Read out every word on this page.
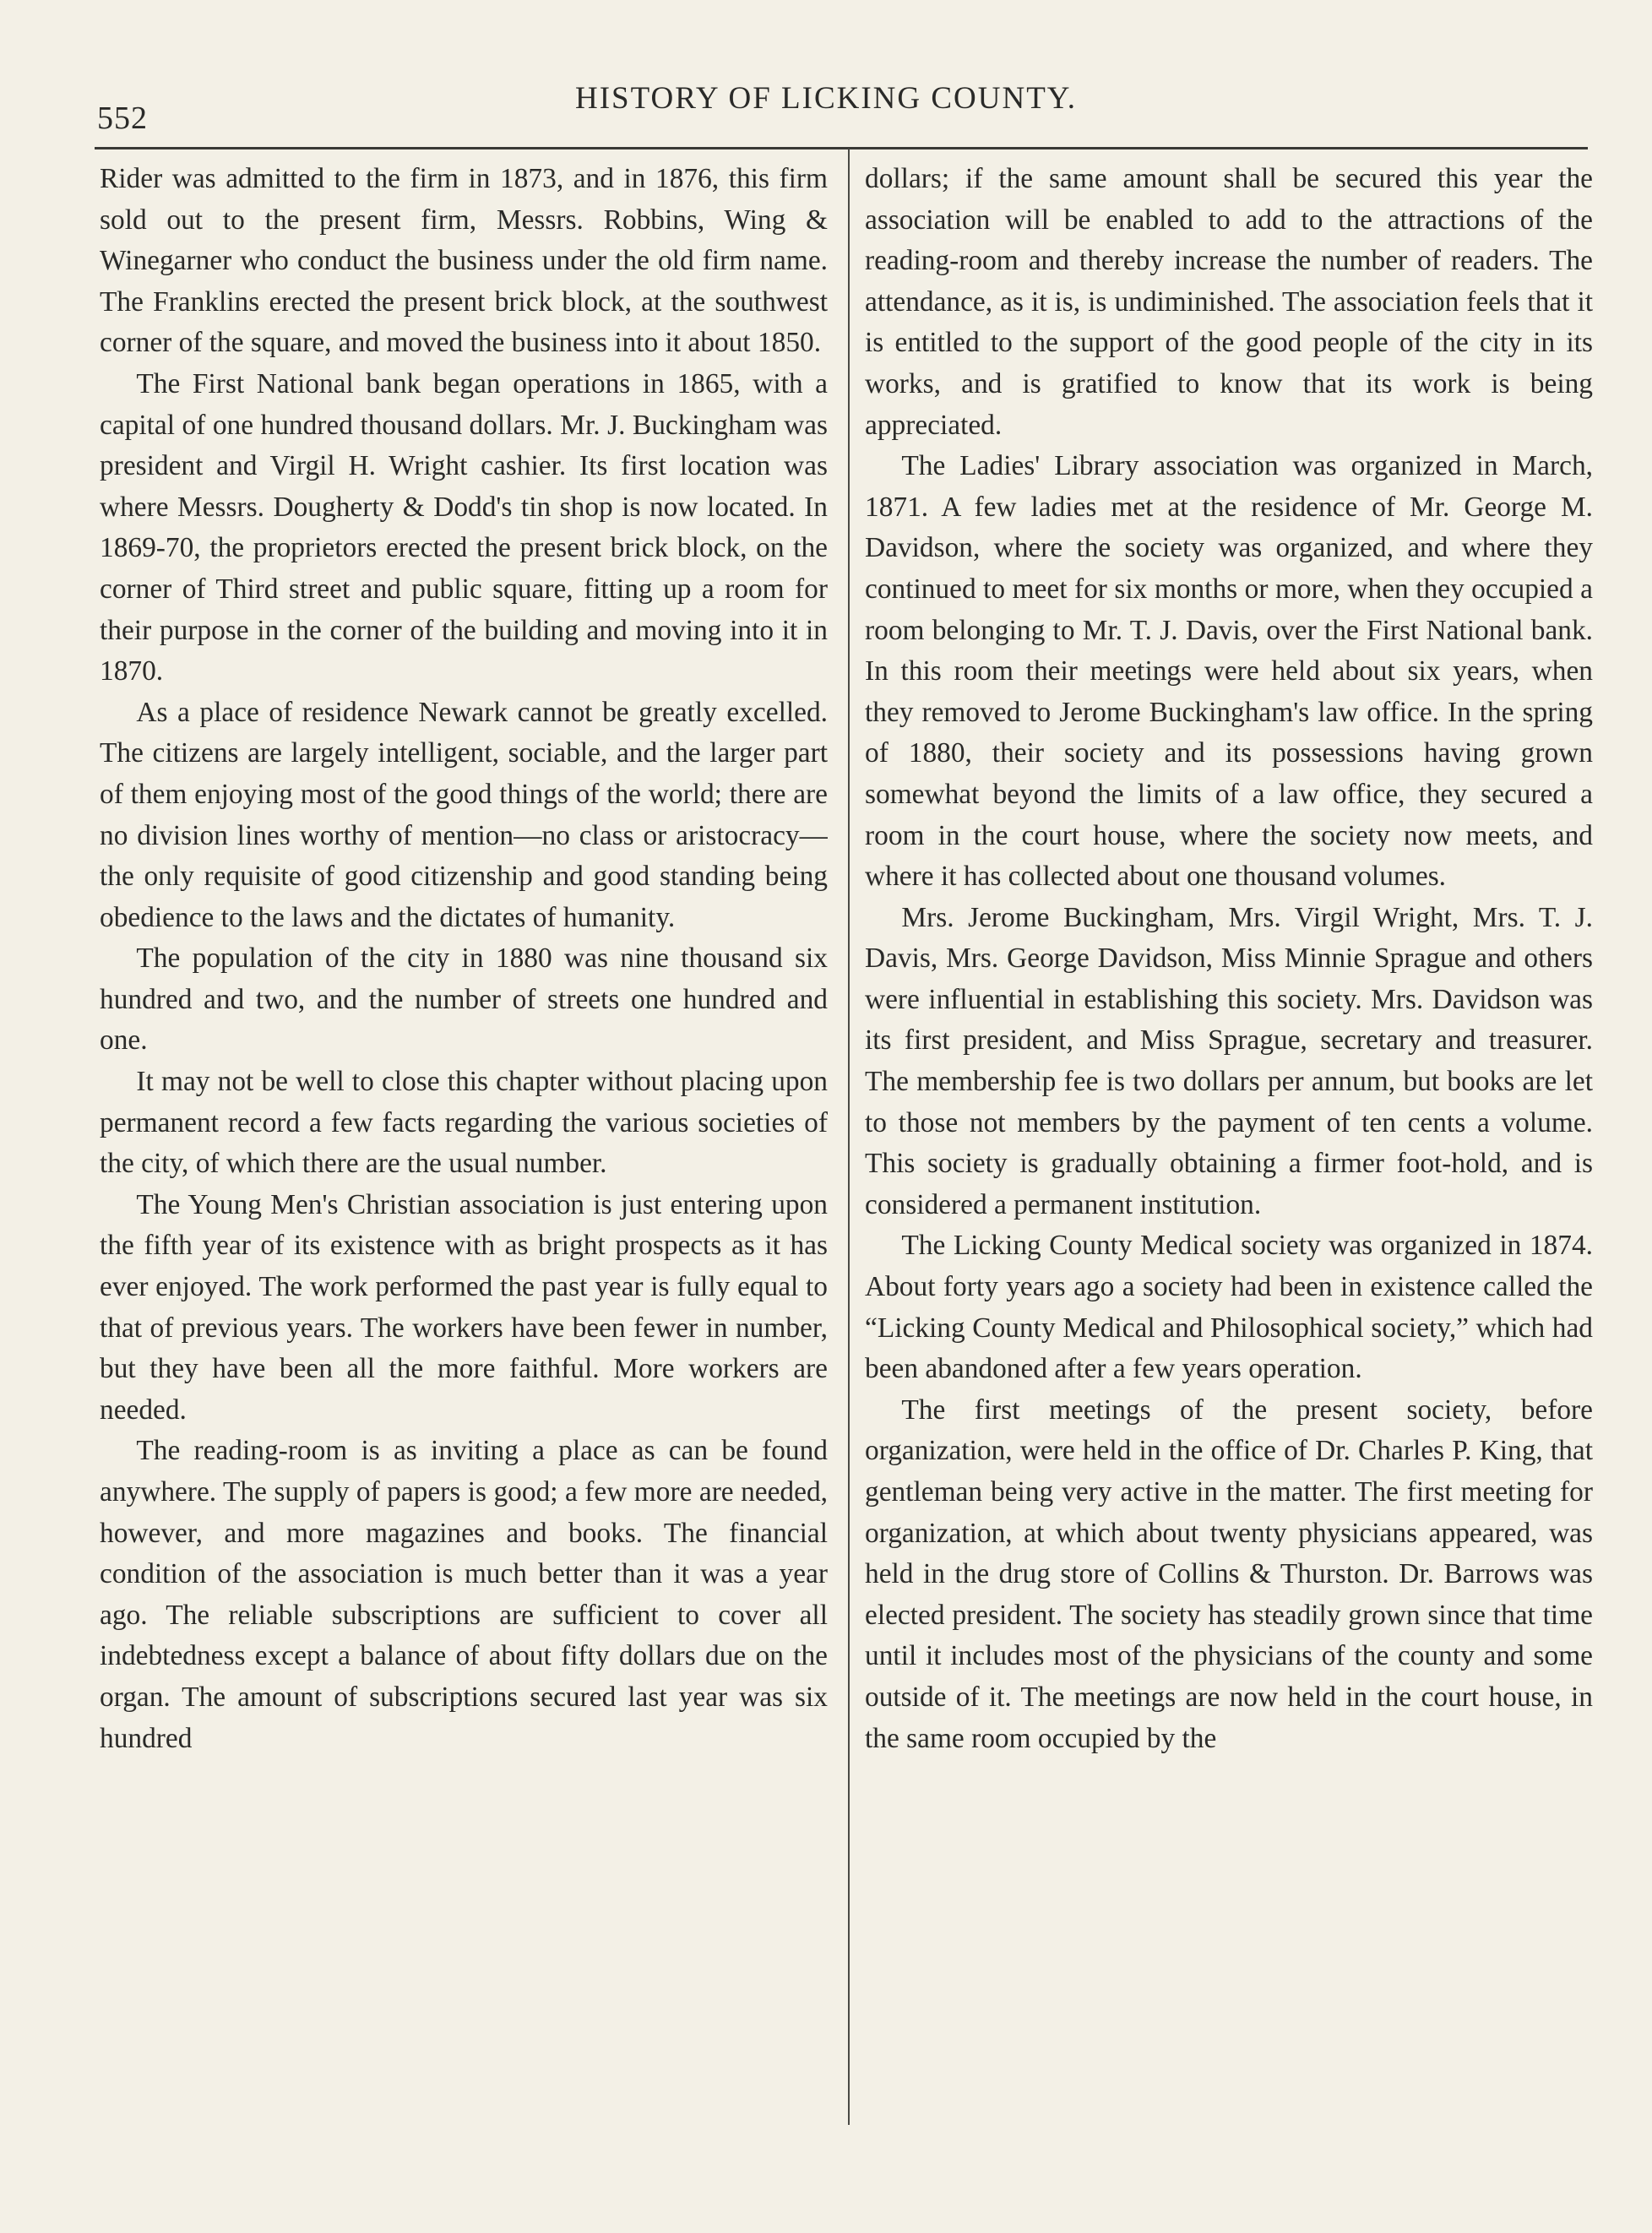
552
HISTORY OF LICKING COUNTY.

Rider was admitted to the firm in 1873, and in 1876, this firm sold out to the present firm, Messrs. Robbins, Wing & Winegarner who conduct the business under the old firm name. The Franklins erected the present brick block, at the southwest corner of the square, and moved the business into it about 1850.

The First National bank began operations in 1865, with a capital of one hundred thousand dollars. Mr. J. Buckingham was president and Virgil H. Wright cashier. Its first location was where Messrs. Dougherty & Dodd's tin shop is now located. In 1869-70, the proprietors erected the present brick block, on the corner of Third street and public square, fitting up a room for their purpose in the corner of the building and moving into it in 1870.

As a place of residence Newark cannot be greatly excelled. The citizens are largely intelligent, sociable, and the larger part of them enjoying most of the good things of the world; there are no division lines worthy of mention—no class or aristocracy—the only requisite of good citizenship and good standing being obedience to the laws and the dictates of humanity.

The population of the city in 1880 was nine thousand six hundred and two, and the number of streets one hundred and one.

It may not be well to close this chapter without placing upon permanent record a few facts regarding the various societies of the city, of which there are the usual number.

The Young Men's Christian association is just entering upon the fifth year of its existence with as bright prospects as it has ever enjoyed. The work performed the past year is fully equal to that of previous years. The workers have been fewer in number, but they have been all the more faithful. More workers are needed.

The reading-room is as inviting a place as can be found anywhere. The supply of papers is good; a few more are needed, however, and more magazines and books. The financial condition of the association is much better than it was a year ago. The reliable subscriptions are sufficient to cover all indebtedness except a balance of about fifty dollars due on the organ. The amount of subscriptions secured last year was six hundred

dollars; if the same amount shall be secured this year the association will be enabled to add to the attractions of the reading-room and thereby increase the number of readers. The attendance, as it is, is undiminished. The association feels that it is entitled to the support of the good people of the city in its works, and is gratified to know that its work is being appreciated.

The Ladies' Library association was organized in March, 1871. A few ladies met at the residence of Mr. George M. Davidson, where the society was organized, and where they continued to meet for six months or more, when they occupied a room belonging to Mr. T. J. Davis, over the First National bank. In this room their meetings were held about six years, when they removed to Jerome Buckingham's law office. In the spring of 1880, their society and its possessions having grown somewhat beyond the limits of a law office, they secured a room in the court house, where the society now meets, and where it has collected about one thousand volumes.

Mrs. Jerome Buckingham, Mrs. Virgil Wright, Mrs. T. J. Davis, Mrs. George Davidson, Miss Minnie Sprague and others were influential in establishing this society. Mrs. Davidson was its first president, and Miss Sprague, secretary and treasurer. The membership fee is two dollars per annum, but books are let to those not members by the payment of ten cents a volume. This society is gradually obtaining a firmer foot-hold, and is considered a permanent institution.

The Licking County Medical society was organized in 1874. About forty years ago a society had been in existence called the “Licking County Medical and Philosophical society,” which had been abandoned after a few years operation.

The first meetings of the present society, before organization, were held in the office of Dr. Charles P. King, that gentleman being very active in the matter. The first meeting for organization, at which about twenty physicians appeared, was held in the drug store of Collins & Thurston. Dr. Barrows was elected president. The society has steadily grown since that time until it includes most of the physicians of the county and some outside of it. The meetings are now held in the court house, in the same room occupied by the
